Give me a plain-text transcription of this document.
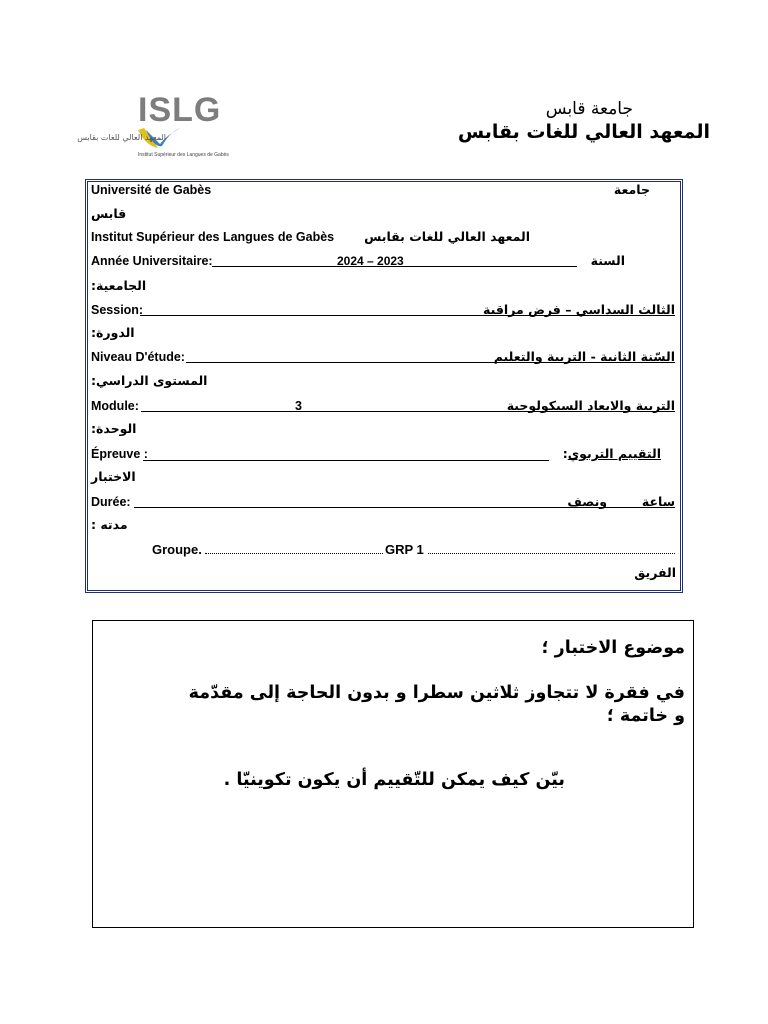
ISLG
المعهد العالي للغات بقابس
Institut Supérieur des Langues de Gabès
جامعة قابس
المعهد العالي للغات بقابس
Université de Gabès	جامعة
قابس
Institut Supérieur des Langues de Gabès المعهد العالي للغات بقابس
Année Universitaire:	2024 – 2023	السنة
الجامعية:
Session:	الثالث السداسي – فرض مراقبة
الدورة:
Niveau D'étude:	السّنة الثانية - التربية والتعليم
المستوى الدراسي:
Module:	3	التربية والابعاد السيكولوجية
الوحدة:
Épreuve :	التقييم التربوي:
الاختبار
Durée:	ساعة        ونصف
مدته :
Groupe.	GRP 1
الفريق
موضوع الاختبار ؛
في فقرة لا تتجاوز ثلاثين سطرا و بدون الحاجة إلى مقدّمة
و خاتمة ؛
بيّن كيف يمكن للتّقييم أن يكون تكوينيّا .
